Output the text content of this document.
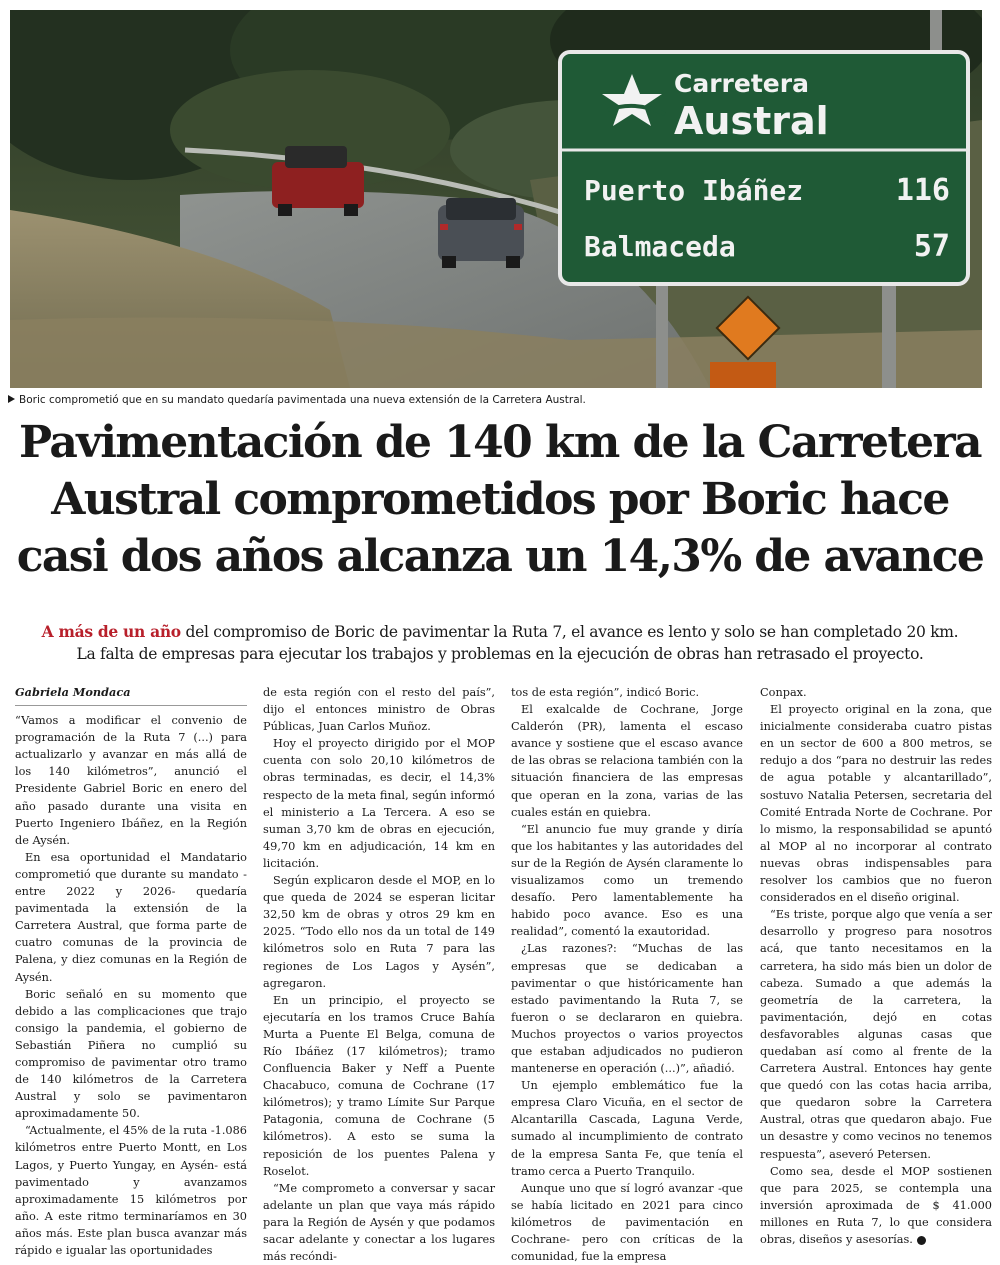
Carretera
Austral
Puerto Ibáñez	116
Balmaceda	57
Boric comprometió que en su mandato quedaría pavimentada una nueva extensión de la Carretera Austral.
Pavimentación de 140 km de la Carretera
Austral comprometidos por Boric hace
casi dos años alcanza un 14,3% de avance
A más de un año del compromiso de Boric de pavimentar la Ruta 7, el avance es lento y solo se han completado 20 km.
La falta de empresas para ejecutar los trabajos y problemas en la ejecución de obras han retrasado el proyecto.
Gabriela Mondaca

“Vamos a modificar el convenio de programación de la Ruta 7 (...) para actualizarlo y avanzar en más allá de los 140 kilómetros”, anunció el Presidente Gabriel Boric en enero del año pasado durante una visita en Puerto Ingeniero Ibáñez, en la Región de Aysén.

En esa oportunidad el Mandatario comprometió que durante su mandato -entre 2022 y 2026- quedaría pavimentada la extensión de la Carretera Austral, que forma parte de cuatro comunas de la provincia de Palena, y diez comunas en la Región de Aysén.

Boric señaló en su momento que debido a las complicaciones que trajo consigo la pandemia, el gobierno de Sebastián Piñera no cumplió su compromiso de pavimentar otro tramo de 140 kilómetros de la Carretera Austral y solo se pavimentaron aproximadamente 50.

“Actualmente, el 45% de la ruta -1.086 kilómetros entre Puerto Montt, en Los Lagos, y Puerto Yungay, en Aysén- está pavimentado y avanzamos aproximadamente 15 kilómetros por año. A este ritmo terminaríamos en 30 años más. Este plan busca avanzar más rápido e igualar las oportunidades

de esta región con el resto del país”, dijo el entonces ministro de Obras Públicas, Juan Carlos Muñoz.

Hoy el proyecto dirigido por el MOP cuenta con solo 20,10 kilómetros de obras terminadas, es decir, el 14,3% respecto de la meta final, según informó el ministerio a La Tercera. A eso se suman 3,70 km de obras en ejecución, 49,70 km en adjudicación, 14 km en licitación.

Según explicaron desde el MOP, en lo que queda de 2024 se esperan licitar 32,50 km de obras y otros 29 km en 2025. “Todo ello nos da un total de 149 kilómetros solo en Ruta 7 para las regiones de Los Lagos y Aysén”, agregaron.

En un principio, el proyecto se ejecutaría en los tramos Cruce Bahía Murta a Puente El Belga, comuna de Río Ibáñez (17 kilómetros); tramo Confluencia Baker y Neff a Puente Chacabuco, comuna de Cochrane (17 kilómetros); y tramo Límite Sur Parque Patagonia, comuna de Cochrane (5 kilómetros). A esto se suma la reposición de los puentes Palena y Roselot.

“Me comprometo a conversar y sacar adelante un plan que vaya más rápido para la Región de Aysén y que podamos sacar adelante y conectar a los lugares más recóndi-

tos de esta región”, indicó Boric.

El exalcalde de Cochrane, Jorge Calderón (PR), lamenta el escaso avance y sostiene que el escaso avance de las obras se relaciona también con la situación financiera de las empresas que operan en la zona, varias de las cuales están en quiebra.

“El anuncio fue muy grande y diría que los habitantes y las autoridades del sur de la Región de Aysén claramente lo visualizamos como un tremendo desafío. Pero lamentablemente ha habido poco avance. Eso es una realidad”, comentó la exautoridad.

¿Las razones?: “Muchas de las empresas que se dedicaban a pavimentar o que históricamente han estado pavimentando la Ruta 7, se fueron o se declararon en quiebra. Muchos proyectos o varios proyectos que estaban adjudicados no pudieron mantenerse en operación (...)”, añadió.

Un ejemplo emblemático fue la empresa Claro Vicuña, en el sector de Alcantarilla Cascada, Laguna Verde, sumado al incumplimiento de contrato de la empresa Santa Fe, que tenía el tramo cerca a Puerto Tranquilo.

Aunque uno que sí logró avanzar -que se había licitado en 2021 para cinco kilómetros de pavimentación en Cochrane- pero con críticas de la comunidad, fue la empresa

Conpax.

El proyecto original en la zona, que inicialmente consideraba cuatro pistas en un sector de 600 a 800 metros, se redujo a dos “para no destruir las redes de agua potable y alcantarillado”, sostuvo Natalia Petersen, secretaria del Comité Entrada Norte de Cochrane. Por lo mismo, la responsabilidad se apuntó al MOP al no incorporar al contrato nuevas obras indispensables para resolver los cambios que no fueron considerados en el diseño original.

“Es triste, porque algo que venía a ser desarrollo y progreso para nosotros acá, que tanto necesitamos en la carretera, ha sido más bien un dolor de cabeza. Sumado a que además la geometría de la carretera, la pavimentación, dejó en cotas desfavorables algunas casas que quedaban así como al frente de la Carretera Austral. Entonces hay gente que quedó con las cotas hacia arriba, que quedaron sobre la Carretera Austral, otras que quedaron abajo. Fue un desastre y como vecinos no tenemos respuesta”, aseveró Petersen.

Como sea, desde el MOP sostienen que para 2025, se contempla una inversión aproximada de $ 41.000 millones en Ruta 7, lo que considera obras, diseños y asesorías.
